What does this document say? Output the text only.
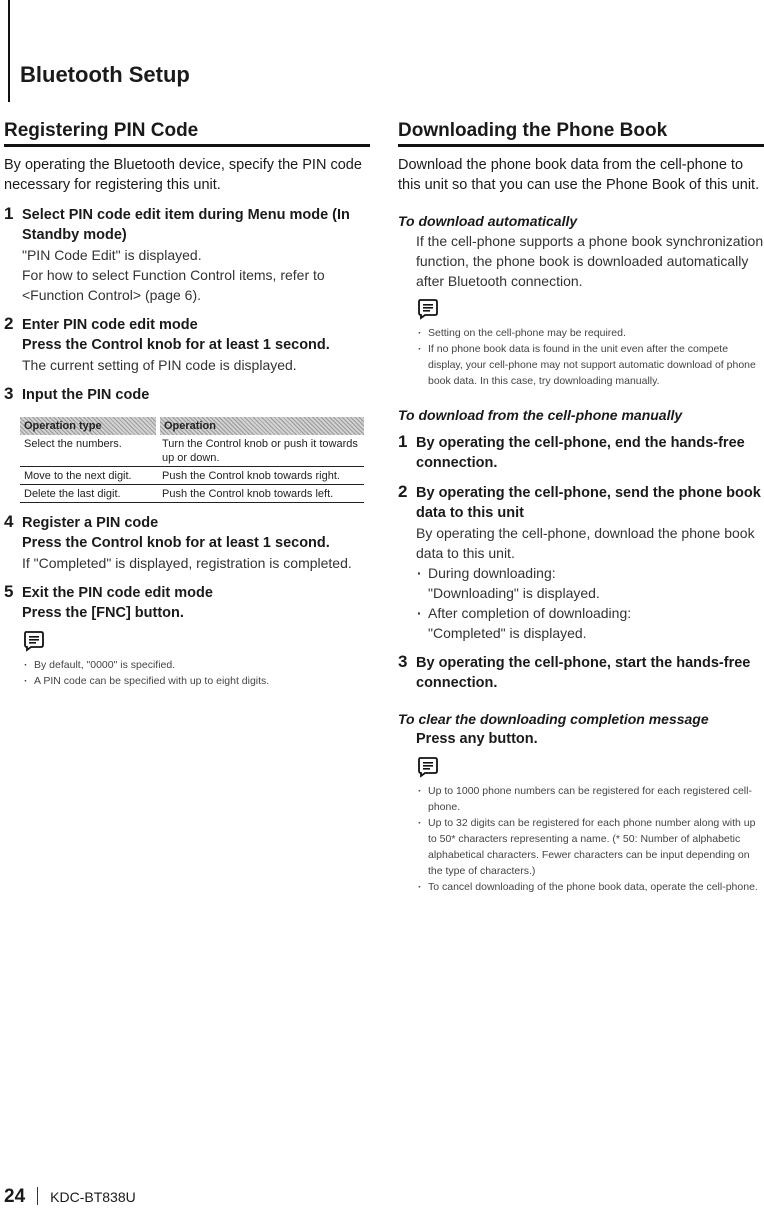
Bluetooth Setup
Registering PIN Code

By operating the Bluetooth device, specify the PIN code necessary for registering this unit.

1 Select PIN code edit item during Menu mode (In Standby mode)
"PIN Code Edit" is displayed.
For how to select Function Control items, refer to <Function Control> (page 6).
2 Enter PIN code edit mode
Press the Control knob for at least 1 second.
The current setting of PIN code is displayed.
3 Input the PIN code
Operation type	Operation
Select the numbers.	Turn the Control knob or push it towards up or down.
Move to the next digit.	Push the Control knob towards right.
Delete the last digit.	Push the Control knob towards left.
4 Register a PIN code
Press the Control knob for at least 1 second.
If "Completed" is displayed, registration is completed.
5 Exit the PIN code edit mode
Press the [FNC] button.
· By default, "0000" is specified.
· A PIN code can be specified with up to eight digits.
Downloading the Phone Book

Download the phone book data from the cell-phone to this unit so that you can use the Phone Book of this unit.

To download automatically
If the cell-phone supports a phone book synchronization function, the phone book is downloaded automatically after Bluetooth connection.
· Setting on the cell-phone may be required.
· If no phone book data is found in the unit even after the compete display, your cell-phone may not support automatic download of phone book data. In this case, try downloading manually.
To download from the cell-phone manually
1 By operating the cell-phone, end the hands-free connection.
2 By operating the cell-phone, send the phone book data to this unit
By operating the cell-phone, download the phone book data to this unit.
· During downloading:
"Downloading" is displayed.
· After completion of downloading:
"Completed" is displayed.
3 By operating the cell-phone, start the hands-free connection.
To clear the downloading completion message
Press any button.
· Up to 1000 phone numbers can be registered for each registered cell-phone.
· Up to 32 digits can be registered for each phone number along with up to 50* characters representing a name. (* 50: Number of alphabetic alphabetical characters. Fewer characters can be input depending on the type of characters.)
· To cancel downloading of the phone book data, operate the cell-phone.
24 KDC-BT838U
